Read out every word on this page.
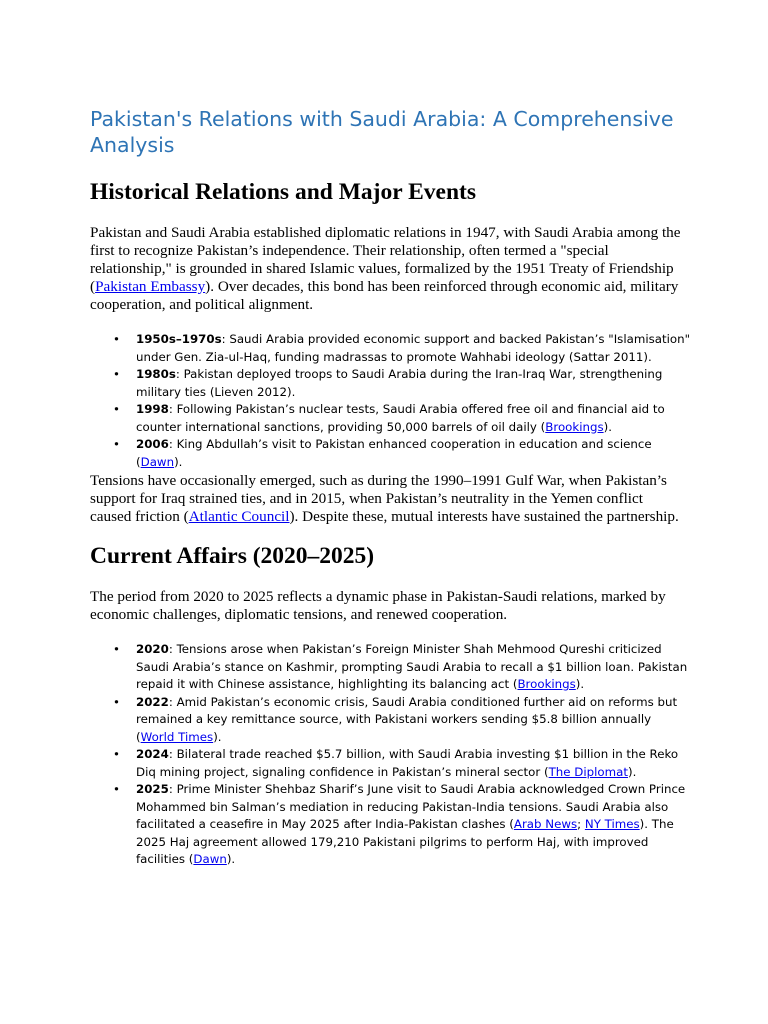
Pakistan's Relations with Saudi Arabia: A Comprehensive Analysis
Historical Relations and Major Events

Pakistan and Saudi Arabia established diplomatic relations in 1947, with Saudi Arabia among the first to recognize Pakistan’s independence. Their relationship, often termed a "special relationship," is grounded in shared Islamic values, formalized by the 1951 Treaty of Friendship (Pakistan Embassy). Over decades, this bond has been reinforced through economic aid, military cooperation, and political alignment.

• 1950s–1970s: Saudi Arabia provided economic support and backed Pakistan’s "Islamisation" under Gen. Zia-ul-Haq, funding madrassas to promote Wahhabi ideology (Sattar 2011).
• 1980s: Pakistan deployed troops to Saudi Arabia during the Iran-Iraq War, strengthening military ties (Lieven 2012).
• 1998: Following Pakistan’s nuclear tests, Saudi Arabia offered free oil and financial aid to counter international sanctions, providing 50,000 barrels of oil daily (Brookings).
• 2006: King Abdullah’s visit to Pakistan enhanced cooperation in education and science (Dawn).

Tensions have occasionally emerged, such as during the 1990–1991 Gulf War, when Pakistan’s support for Iraq strained ties, and in 2015, when Pakistan’s neutrality in the Yemen conflict caused friction (Atlantic Council). Despite these, mutual interests have sustained the partnership.

Current Affairs (2020–2025)

The period from 2020 to 2025 reflects a dynamic phase in Pakistan-Saudi relations, marked by economic challenges, diplomatic tensions, and renewed cooperation.

• 2020: Tensions arose when Pakistan’s Foreign Minister Shah Mehmood Qureshi criticized Saudi Arabia’s stance on Kashmir, prompting Saudi Arabia to recall a $1 billion loan. Pakistan repaid it with Chinese assistance, highlighting its balancing act (Brookings).
• 2022: Amid Pakistan’s economic crisis, Saudi Arabia conditioned further aid on reforms but remained a key remittance source, with Pakistani workers sending $5.8 billion annually (World Times).
• 2024: Bilateral trade reached $5.7 billion, with Saudi Arabia investing $1 billion in the Reko Diq mining project, signaling confidence in Pakistan’s mineral sector (The Diplomat).
• 2025: Prime Minister Shehbaz Sharif’s June visit to Saudi Arabia acknowledged Crown Prince Mohammed bin Salman’s mediation in reducing Pakistan-India tensions. Saudi Arabia also facilitated a ceasefire in May 2025 after India-Pakistan clashes (Arab News; NY Times). The 2025 Haj agreement allowed 179,210 Pakistani pilgrims to perform Haj, with improved facilities (Dawn).
